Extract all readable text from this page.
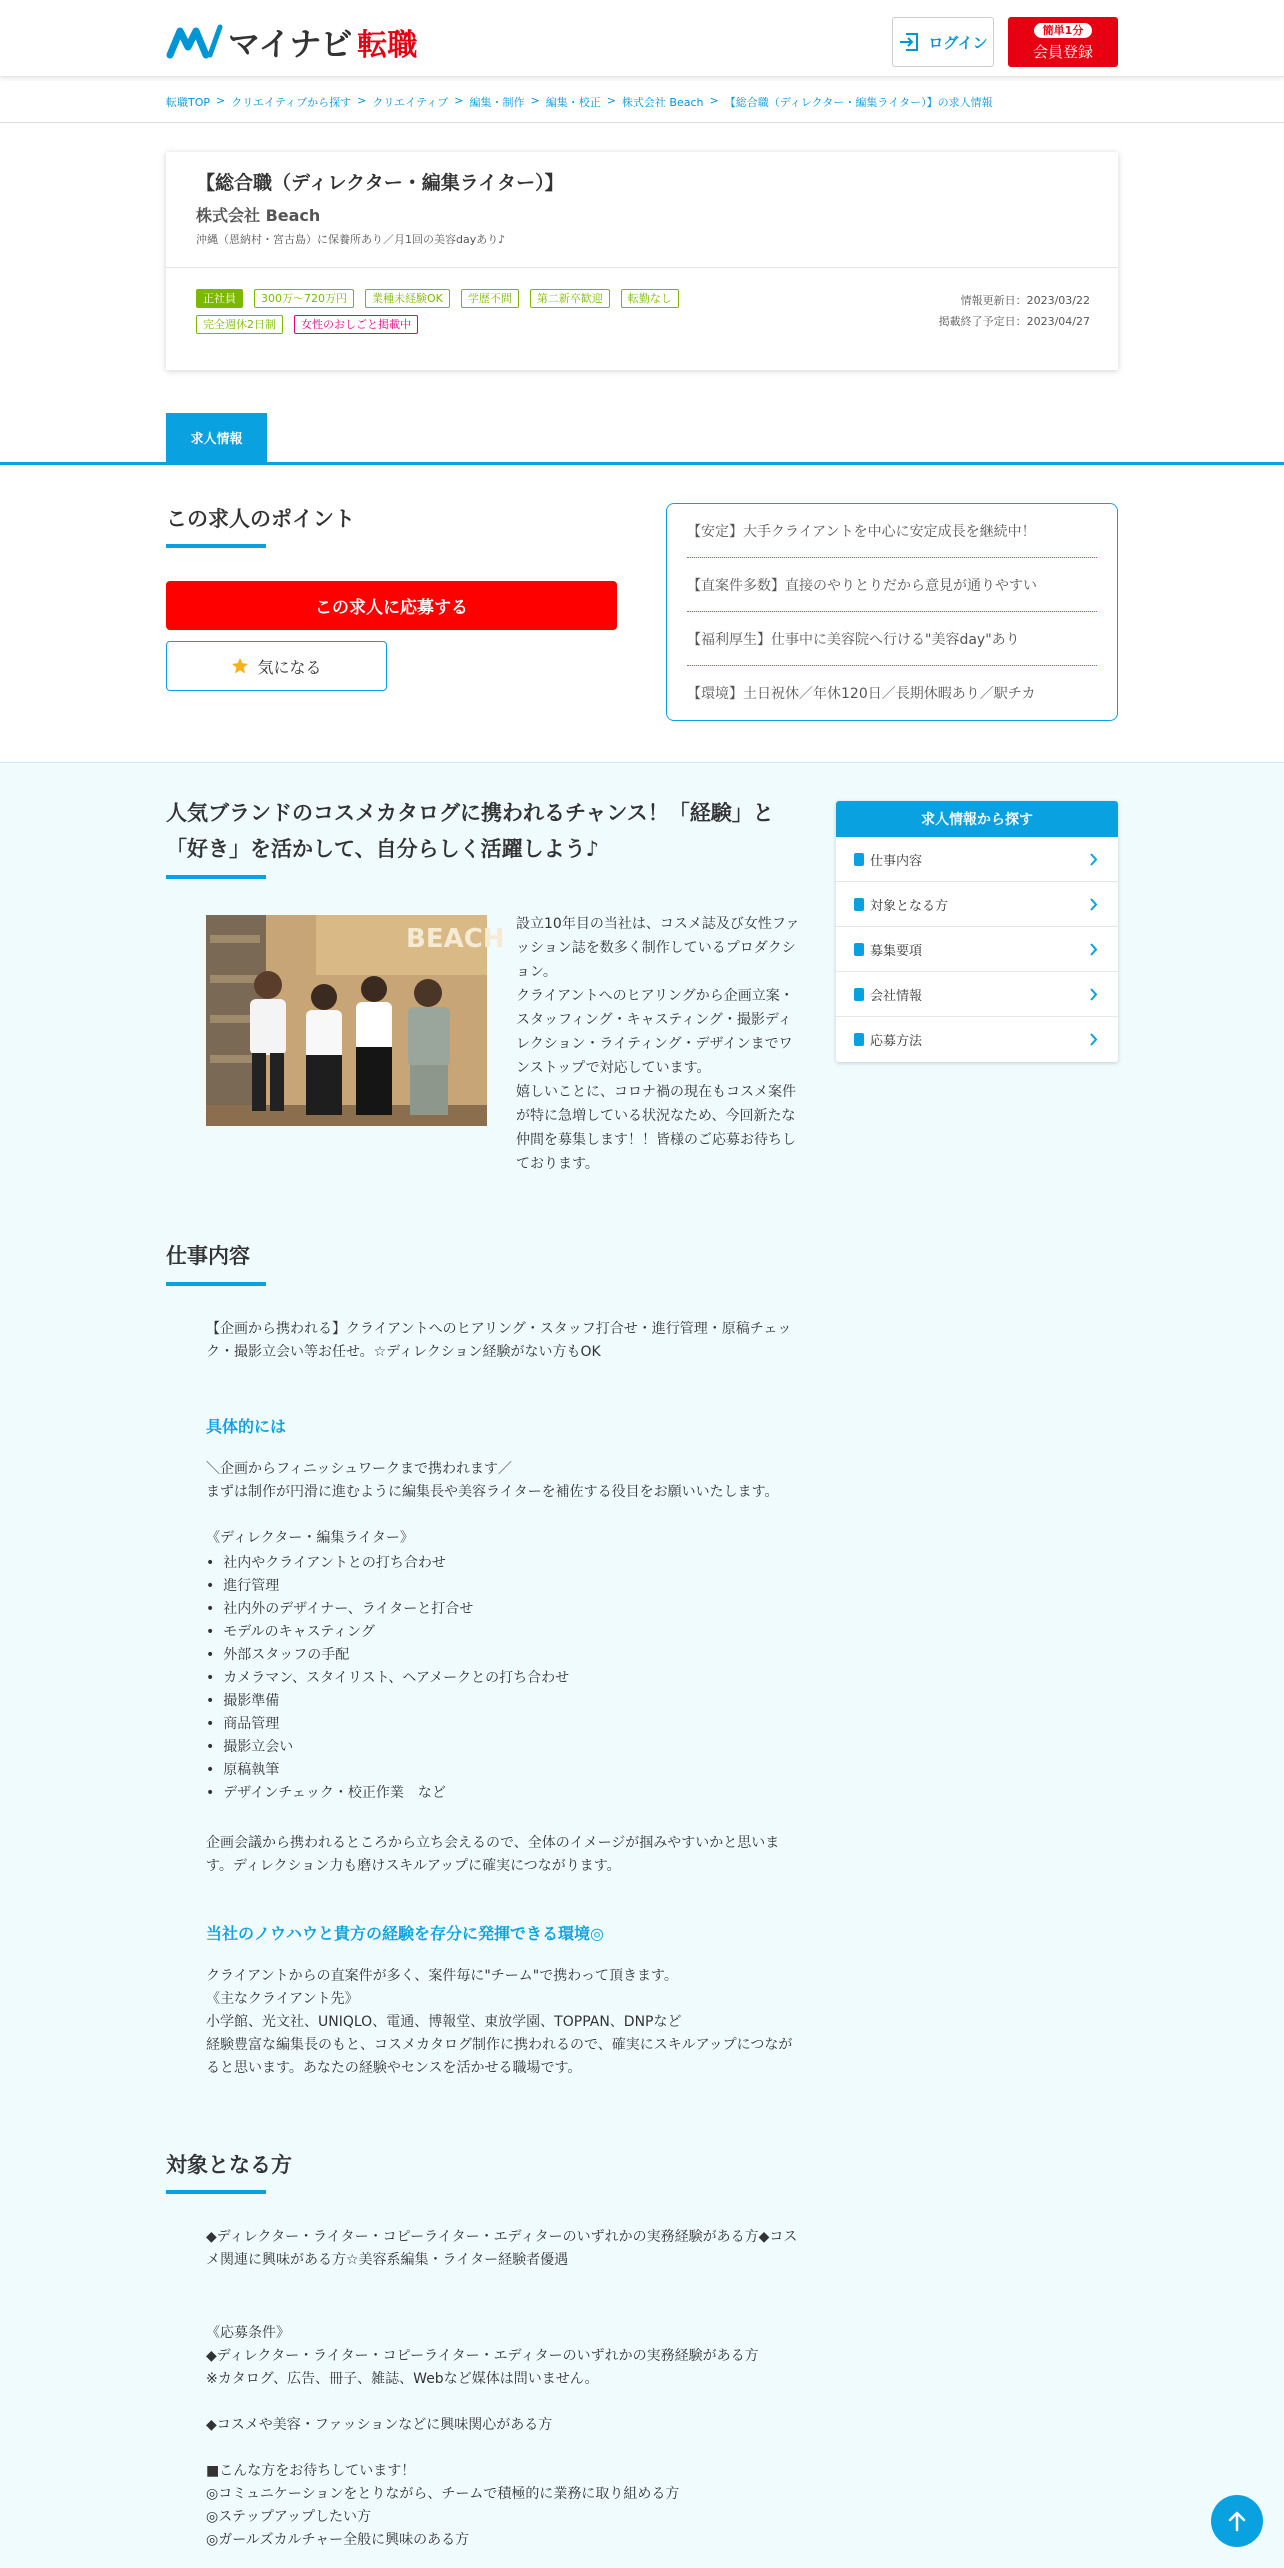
マイナビ 転職	ログイン
簡単1分
会員登録
転職TOP > クリエイティブから探す > クリエイティブ > 編集・制作 > 編集・校正 > 株式会社 Beach > 【総合職（ディレクター・編集ライター）】の求人情報
【総合職（ディレクター・編集ライター）】
株式会社 Beach
沖縄（恩納村・宮古島）に保養所あり／月1回の美容dayあり♪
正社員	300万～720万円	業種未経験OK	学歴不問	第二新卒歓迎	転勤なし
完全週休2日制	女性のおしごと掲載中
情報更新日：2023/03/22
掲載終了予定日：2023/04/27
求人情報
この求人のポイント
この求人に応募する
気になる
【安定】大手クライアントを中心に安定成長を継続中！
【直案件多数】直接のやりとりだから意見が通りやすい
【福利厚生】仕事中に美容院へ行ける"美容day"あり
【環境】土日祝休／年休120日／長期休暇あり／駅チカ
人気ブランドのコスメカタログに携われるチャンス！「経験」と「好き」を活かして、自分らしく活躍しよう♪
BEACH 設立10年目の当社は、コスメ誌及び女性ファッション誌を数多く制作しているプロダクション。
クライアントへのヒアリングから企画立案・スタッフィング・キャスティング・撮影ディレクション・ライティング・デザインまでワンストップで対応しています。
嬉しいことに、コロナ禍の現在もコスメ案件が特に急増している状況なため、今回新たな仲間を募集します！！皆様のご応募お待ちしております。
求人情報から探す
仕事内容
対象となる方
募集要項
会社情報
応募方法
仕事内容
【企画から携われる】クライアントへのヒアリング・スタッフ打合せ・進行管理・原稿チェック・撮影立会い等お任せ。☆ディレクション経験がない方もOK
具体的には
＼企画からフィニッシュワークまで携われます／
まずは制作が円滑に進むように編集長や美容ライターを補佐する役目をお願いいたします。

《ディレクター・編集ライター》
• 社内やクライアントとの打ち合わせ
• 進行管理
• 社内外のデザイナー、ライターと打合せ
• モデルのキャスティング
• 外部スタッフの手配
• カメラマン、スタイリスト、ヘアメークとの打ち合わせ
• 撮影準備
• 商品管理
• 撮影立会い
• 原稿執筆
• デザインチェック・校正作業　など
企画会議から携われるところから立ち会えるので、全体のイメージが掴みやすいかと思います。ディレクション力も磨けスキルアップに確実につながります。
当社のノウハウと貴方の経験を存分に発揮できる環境◎
クライアントからの直案件が多く、案件毎に"チーム"で携わって頂きます。
《主なクライアント先》
小学館、光文社、UNIQLO、電通、博報堂、東放学園、TOPPAN、DNPなど
経験豊富な編集長のもと、コスメカタログ制作に携われるので、確実にスキルアップにつながると思います。あなたの経験やセンスを活かせる職場です。
対象となる方
◆ディレクター・ライター・コピーライター・エディターのいずれかの実務経験がある方◆コスメ関連に興味がある方☆美容系編集・ライター経験者優遇
《応募条件》
◆ディレクター・ライター・コピーライター・エディターのいずれかの実務経験がある方
※カタログ、広告、冊子、雑誌、Webなど媒体は問いません。

◆コスメや美容・ファッションなどに興味関心がある方

■こんな方をお待ちしています！
◎コミュニケーションをとりながら、チームで積極的に業務に取り組める方
◎ステップアップしたい方
◎ガールズカルチャー全般に興味のある方
